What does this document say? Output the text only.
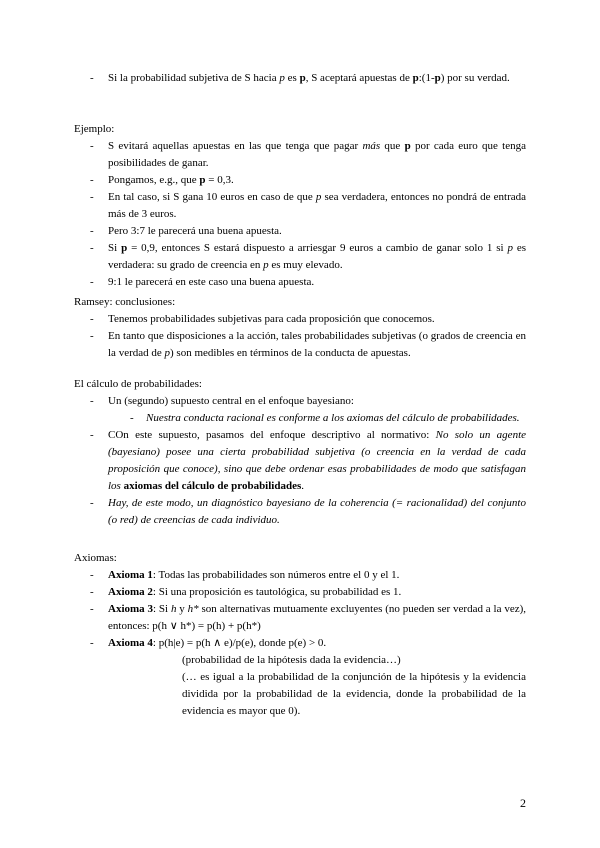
- Si la probabilidad subjetiva de S hacia p es p, S aceptará apuestas de p:(1-p) por su verdad.
Ejemplo:
- S evitará aquellas apuestas en las que tenga que pagar más que p por cada euro que tenga posibilidades de ganar.
- Pongamos, e.g., que p = 0,3.
- En tal caso, si S gana 10 euros en caso de que p sea verdadera, entonces no pondrá de entrada más de 3 euros.
- Pero 3:7 le parecerá una buena apuesta.
- Si p = 0,9, entonces S estará dispuesto a arriesgar 9 euros a cambio de ganar solo 1 si p es verdadera: su grado de creencia en p es muy elevado.
- 9:1 le parecerá en este caso una buena apuesta.
Ramsey: conclusiones:
- Tenemos probabilidades subjetivas para cada proposición que conocemos.
- En tanto que disposiciones a la acción, tales probabilidades subjetivas (o grados de creencia en la verdad de p) son medibles en términos de la conducta de apuestas.
El cálculo de probabilidades:
- Un (segundo) supuesto central en el enfoque bayesiano:
- Nuestra conducta racional es conforme a los axiomas del cálculo de probabilidades.
- COn este supuesto, pasamos del enfoque descriptivo al normativo: No solo un agente (bayesiano) posee una cierta probabilidad subjetiva (o creencia en la verdad de cada proposición que conoce), sino que debe ordenar esas probabilidades de modo que satisfagan los axiomas del cálculo de probabilidades.
- Hay, de este modo, un diagnóstico bayesiano de la coherencia (= racionalidad) del conjunto (o red) de creencias de cada individuo.
Axiomas:
- Axioma 1: Todas las probabilidades son números entre el 0 y el 1.
- Axioma 2: Si una proposición es tautológica, su probabilidad es 1.
- Axioma 3: Si h y h* son alternativas mutuamente excluyentes (no pueden ser verdad a la vez), entonces: p(h ∨ h*) = p(h) + p(h*)
- Axioma 4: p(h|e) = p(h ∧ e)/p(e), donde p(e) > 0.
(probabilidad de la hipótesis dada la evidencia…)
(… es igual a la probabilidad de la conjunción de la hipótesis y la evidencia dividida por la probabilidad de la evidencia, donde la probabilidad de la evidencia es mayor que 0).
2
